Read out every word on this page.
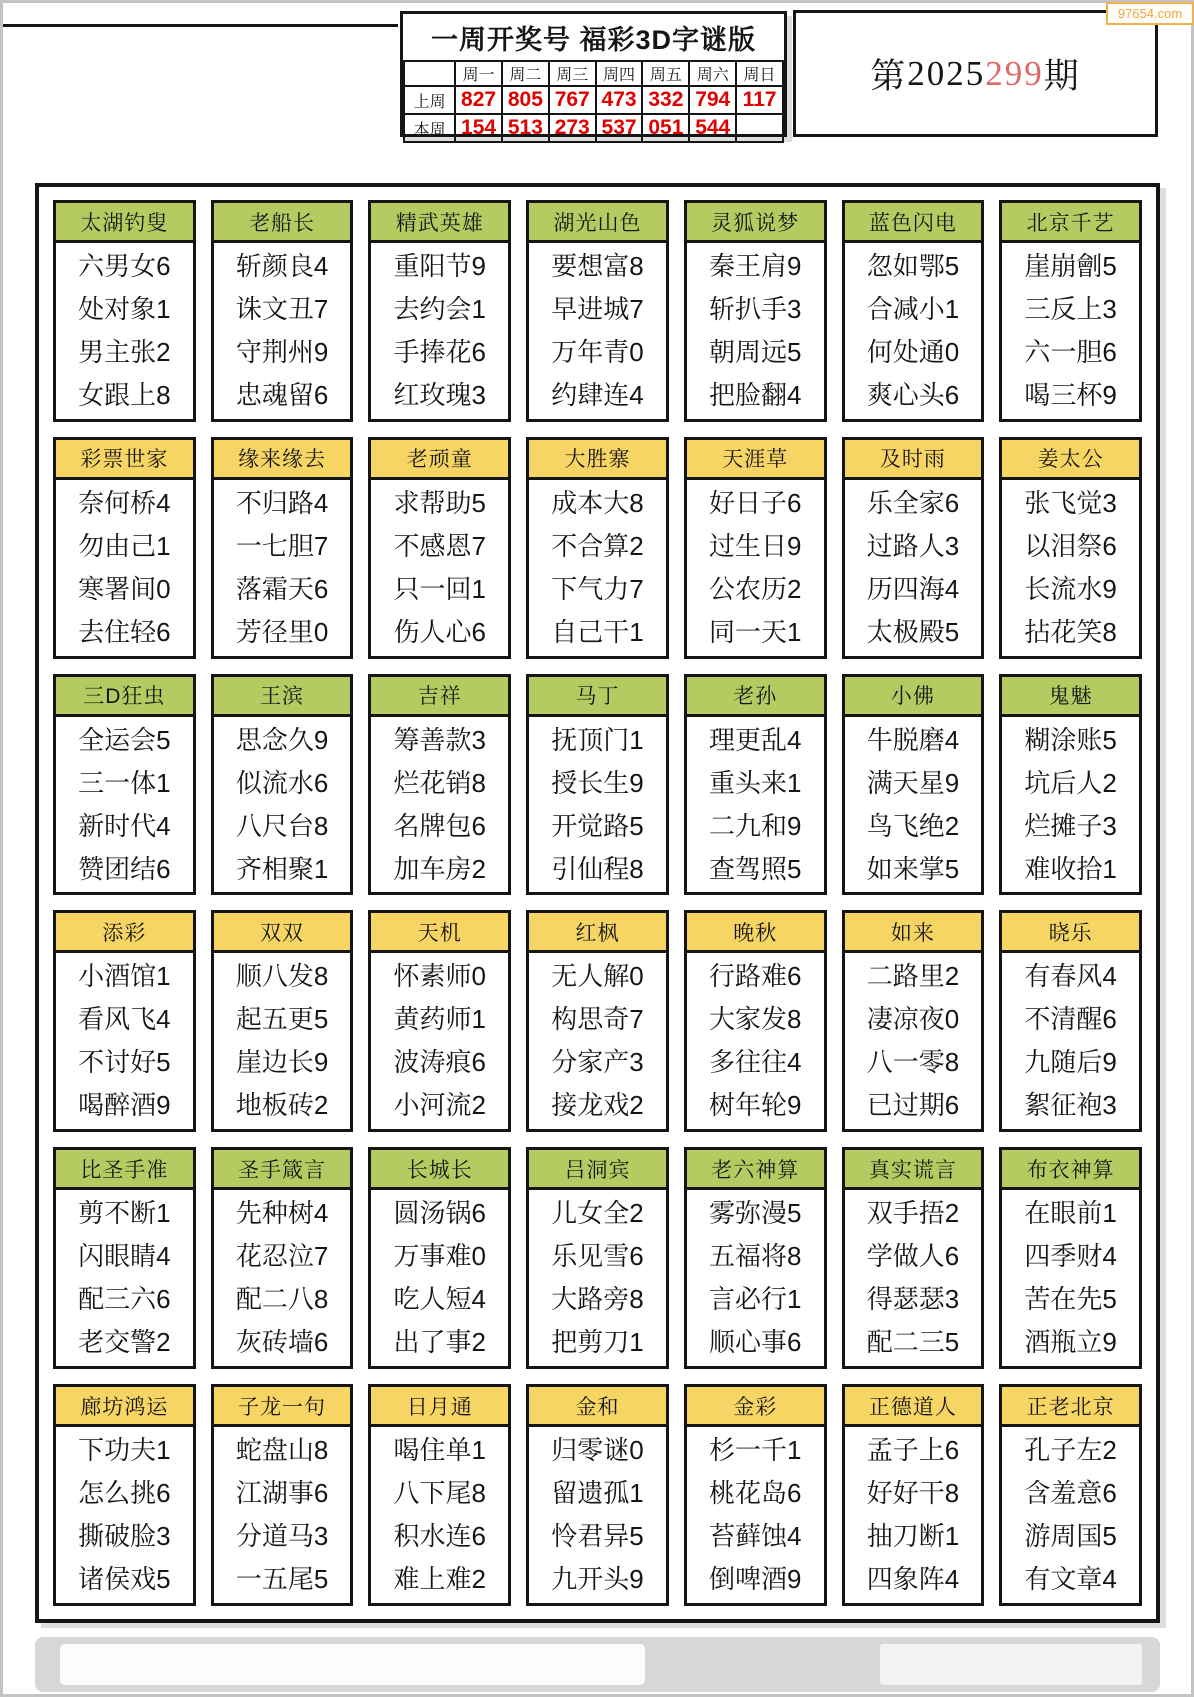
一周开奖号 福彩3D字谜版
	周一	周二	周三	周四	周五	周六	周日
上周	827	805	767	473	332	794	117
本周	154	513	273	537	051	544	
第 2025 299 期
97654.com
太湖钓叟
六男女6
处对象1
男主张2
女跟上8
老船长
斩颜良4
诛文丑7
守荆州9
忠魂留6
精武英雄
重阳节9
去约会1
手捧花6
红玫瑰3
湖光山色
要想富8
早进城7
万年青0
约肆连4
灵狐说梦
秦王肩9
斩扒手3
朝周远5
把脸翻4
蓝色闪电
忽如鄂5
合减小1
何处通0
爽心头6
北京千艺
崖崩劊5
三反上3
六一胆6
喝三杯9
彩票世家
奈何桥4
勿由己1
寒署间0
去住轻6
缘来缘去
不归路4
一七胆7
落霜天6
芳径里0
老顽童
求帮助5
不感恩7
只一回1
伤人心6
大胜寨
成本大8
不合算2
下气力7
自己干1
天涯草
好日子6
过生日9
公农历2
同一天1
及时雨
乐全家6
过路人3
历四海4
太极殿5
姜太公
张飞觉3
以泪祭6
长流水9
拈花笑8
三D狂虫
全运会5
三一体1
新时代4
赞团结6
王滨
思念久9
似流水6
八尺台8
齐相聚1
吉祥
筹善款3
烂花销8
名牌包6
加车房2
马丁
抚顶门1
授长生9
开觉路5
引仙程8
老孙
理更乱4
重头来1
二九和9
查驾照5
小佛
牛脱磨4
满天星9
鸟飞绝2
如来掌5
鬼魅
糊涂账5
坑后人2
烂摊子3
难收拾1
添彩
小酒馆1
看风飞4
不讨好5
喝醉酒9
双双
顺八发8
起五更5
崖边长9
地板砖2
天机
怀素师0
黄药师1
波涛痕6
小河流2
红枫
无人解0
构思奇7
分家产3
接龙戏2
晚秋
行路难6
大家发8
多往往4
树年轮9
如来
二路里2
凄凉夜0
八一零8
已过期6
晓乐
有春风4
不清醒6
九随后9
絮征袍3
比圣手准
剪不断1
闪眼睛4
配三六6
老交警2
圣手箴言
先种树4
花忍泣7
配二八8
灰砖墙6
长城长
圆汤锅6
万事难0
吃人短4
出了事2
吕洞宾
儿女全2
乐见雪6
大路旁8
把剪刀1
老六神算
雾弥漫5
五福将8
言必行1
顺心事6
真实谎言
双手捂2
学做人6
得瑟瑟3
配二三5
布衣神算
在眼前1
四季财4
苦在先5
酒瓶立9
廊坊鸿运
下功夫1
怎么挑6
撕破脸3
诸侯戏5
子龙一句
蛇盘山8
江湖事6
分道马3
一五尾5
日月通
喝住单1
八下尾8
积水连6
难上难2
金和
归零谜0
留遗孤1
怜君异5
九开头9
金彩
杉一千1
桃花岛6
苔藓蚀4
倒啤酒9
正德道人
孟子上6
好好干8
抽刀断1
四象阵4
正老北京
孔子左2
含羞意6
游周国5
有文章4
